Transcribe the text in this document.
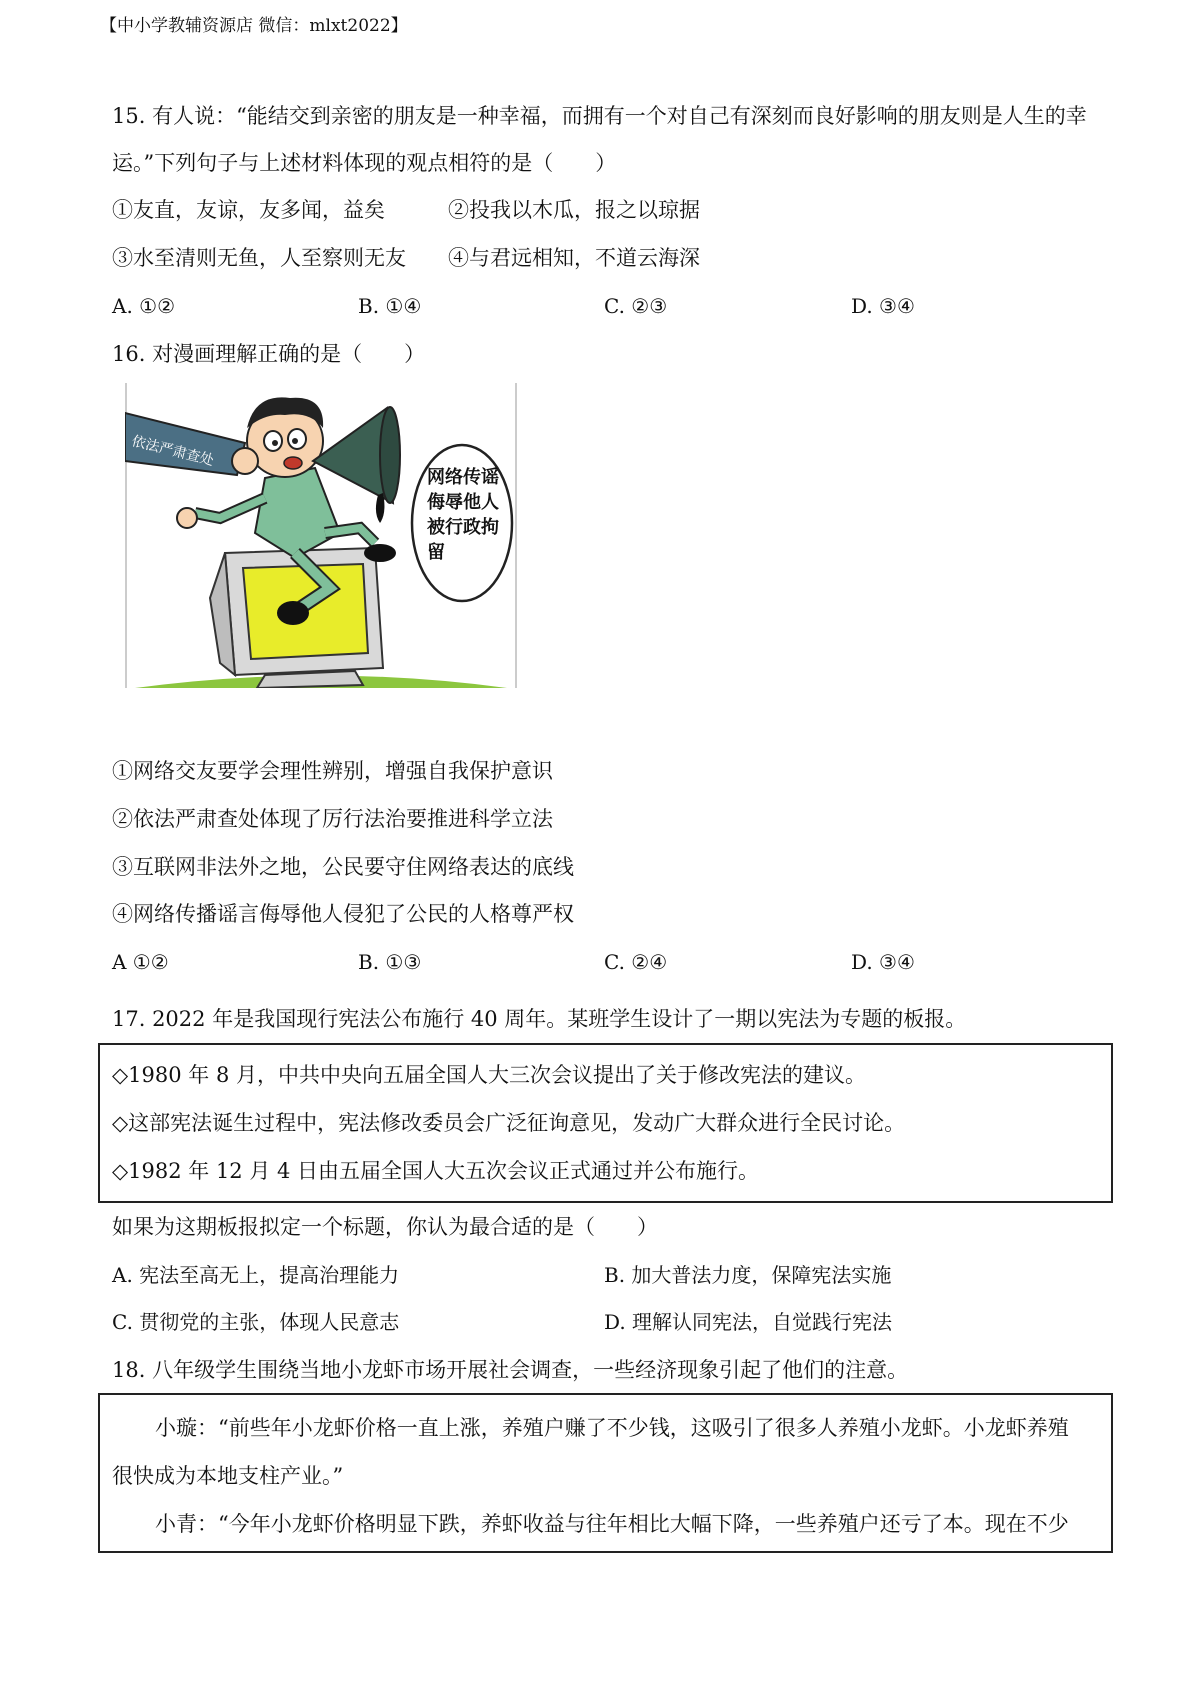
【中小学教辅资源店 微信：mlxt2022】
15. 有人说：“能结交到亲密的朋友是一种幸福，而拥有一个对自己有深刻而良好影响的朋友则是人生的幸
运。”下列句子与上述材料体现的观点相符的是（　　）
①友直，友谅，友多闻，益矣	②投我以木瓜，报之以琼据
③水至清则无鱼，人至察则无友 ④与君远相知，不道云海深
A. ①②	B. ①④	C. ②③	D. ③④
16. 对漫画理解正确的是（　　）
依法严肃查处
网络传谣
侮辱他人
被行政拘
留
①网络交友要学会理性辨别，增强自我保护意识
②依法严肃查处体现了厉行法治要推进科学立法
③互联网非法外之地，公民要守住网络表达的底线
④网络传播谣言侮辱他人侵犯了公民的人格尊严权
A ①②	B. ①③	C. ②④	D. ③④
17. 2022 年是我国现行宪法公布施行 40 周年。某班学生设计了一期以宪法为专题的板报。
◇1980 年 8 月，中共中央向五届全国人大三次会议提出了关于修改宪法的建议。
◇这部宪法诞生过程中，宪法修改委员会广泛征询意见，发动广大群众进行全民讨论。
◇1982 年 12 月 4 日由五届全国人大五次会议正式通过并公布施行。
如果为这期板报拟定一个标题，你认为最合适的是（　　）
A. 宪法至高无上，提高治理能力	B. 加大普法力度，保障宪法实施
C. 贯彻党的主张，体现人民意志	D. 理解认同宪法，自觉践行宪法
18. 八年级学生围绕当地小龙虾市场开展社会调查，一些经济现象引起了他们的注意。
小璇：“前些年小龙虾价格一直上涨，养殖户赚了不少钱，这吸引了很多人养殖小龙虾。小龙虾养殖
很快成为本地支柱产业。”
小青：“今年小龙虾价格明显下跌，养虾收益与往年相比大幅下降，一些养殖户还亏了本。现在不少
